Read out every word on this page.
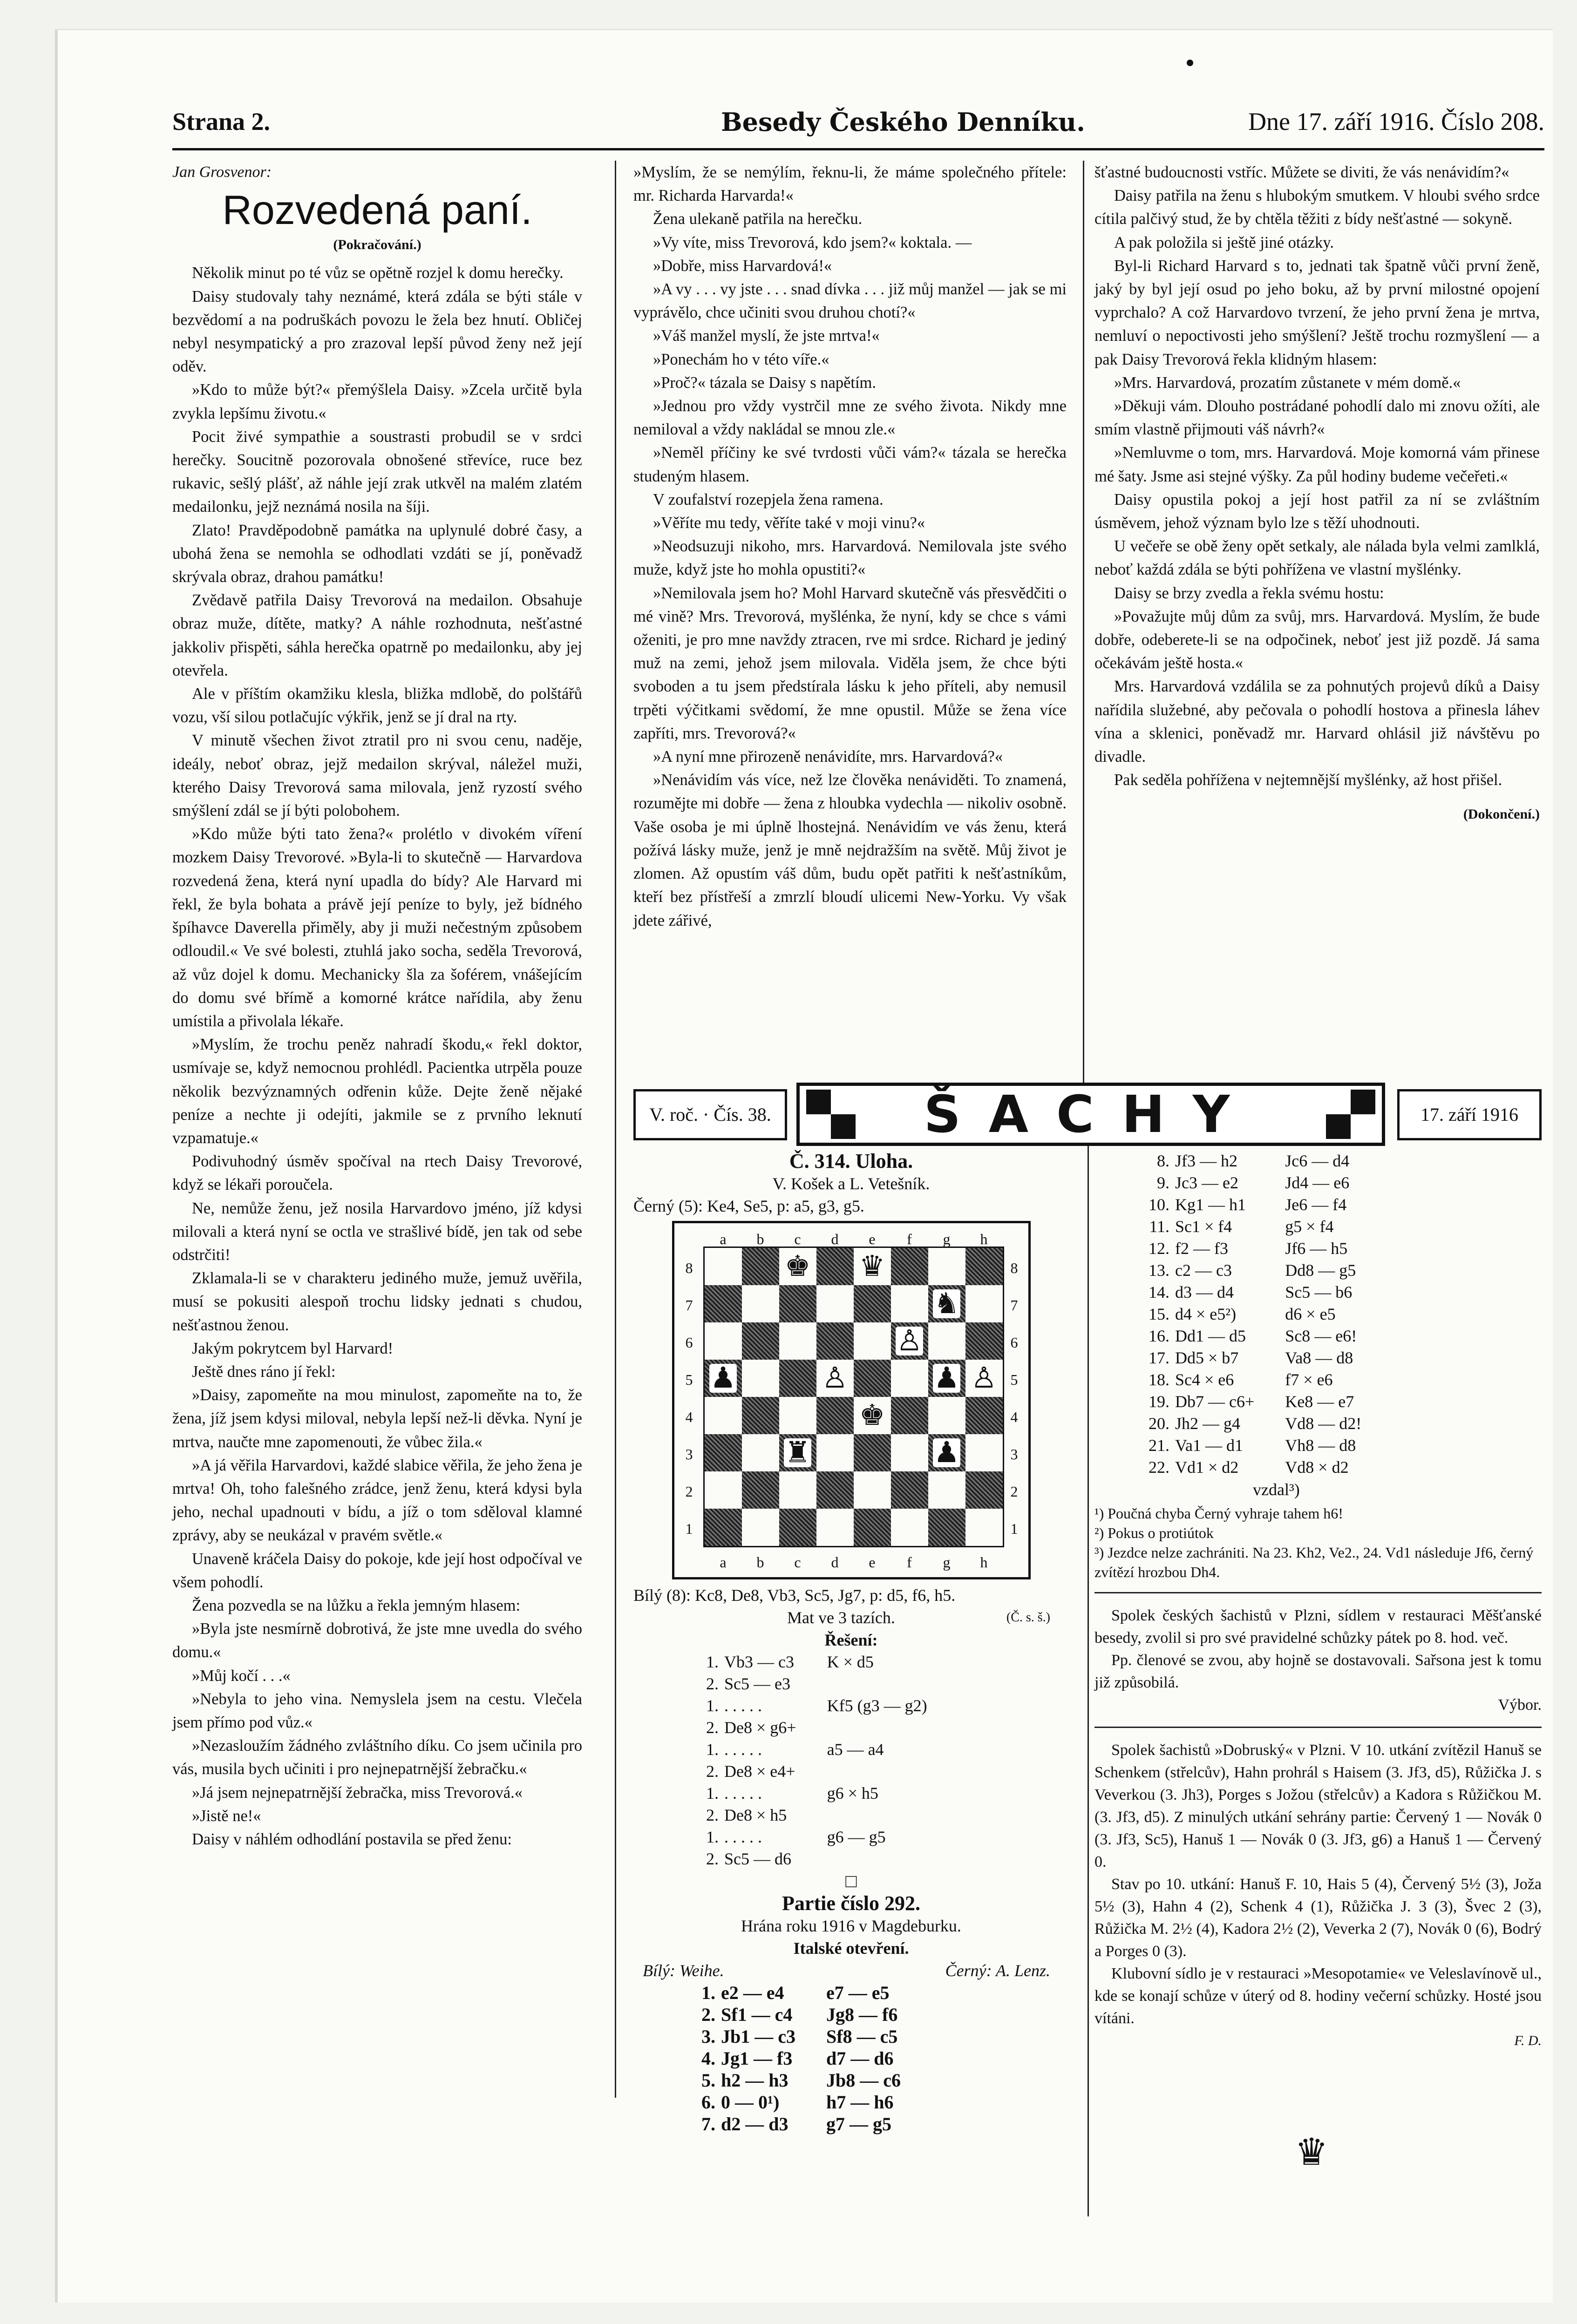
Strana 2.	Besedy Českého Denníku.	Dne 17. září 1916. Číslo 208.
Jan Grosvenor:
Rozvedená paní.
(Pokračování.)

Několik minut po té vůz se opětně rozjel k domu herečky.

Daisy studovaly tahy neznámé, která zdála se býti stále v bezvědomí a na podruškách povozu le žela bez hnutí. Obličej nebyl nesympatický a pro zrazoval lepší původ ženy než její oděv.

»Kdo to může být?« přemýšlela Daisy. »Zcela určitě byla zvykla lepšímu životu.«

Pocit živé sympathie a soustrasti probudil se v srdci herečky. Soucitně pozorovala obnošené střevíce, ruce bez rukavic, sešlý plášť, až náhle její zrak utkvěl na malém zlatém medailonku, jejž neznámá nosila na šíji.

Zlato! Pravděpodobně památka na uplynulé dobré časy, a ubohá žena se nemohla se odhodlati vzdáti se jí, poněvadž skrývala obraz, drahou památku!

Zvědavě patřila Daisy Trevorová na medailon. Obsahuje obraz muže, dítěte, matky? A náhle rozhodnuta, nešťastné jakkoliv přispěti, sáhla herečka opatrně po medailonku, aby jej otevřela.

Ale v příštím okamžiku klesla, bližka mdlobě, do polštářů vozu, vší silou potlačujíc výkřik, jenž se jí dral na rty.

V minutě všechen život ztratil pro ni svou cenu, naděje, ideály, neboť obraz, jejž medailon skrýval, náležel muži, kterého Daisy Trevorová sama milovala, jenž ryzostí svého smýšlení zdál se jí býti polobohem.

»Kdo může býti tato žena?« prolétlo v divokém víření mozkem Daisy Trevorové. »Byla-li to skutečně — Harvardova rozvedená žena, která nyní upadla do bídy? Ale Harvard mi řekl, že byla bohata a právě její peníze to byly, jež bídného špíhavce Daverella přiměly, aby ji muži nečestným způsobem odloudil.« Ve své bolesti, ztuhlá jako socha, seděla Trevorová, až vůz dojel k domu. Mechanicky šla za šoférem, vnášejícím do domu své břímě a komorné krátce nařídila, aby ženu umístila a přivolala lékaře.

»Myslím, že trochu peněz nahradí škodu,« řekl doktor, usmívaje se, když nemocnou prohlédl. Pacientka utrpěla pouze několik bezvýznamných odřenin kůže. Dejte ženě nějaké peníze a nechte ji odejíti, jakmile se z prvního leknutí vzpamatuje.«

Podivuhodný úsměv spočíval na rtech Daisy Trevorové, když se lékaři poroučela.

Ne, nemůže ženu, jež nosila Harvardovo jméno, jíž kdysi milovali a která nyní se octla ve strašlivé bídě, jen tak od sebe odstrčiti!

Zklamala-li se v charakteru jediného muže, jemuž uvěřila, musí se pokusiti alespoň trochu lidsky jednati s chudou, nešťastnou ženou.

Jakým pokrytcem byl Harvard!

Ještě dnes ráno jí řekl:

»Daisy, zapomeňte na mou minulost, zapomeňte na to, že žena, jíž jsem kdysi miloval, nebyla lepší než-li děvka. Nyní je mrtva, naučte mne zapomenouti, že vůbec žila.«

»A já věřila Harvardovi, každé slabice věřila, že jeho žena je mrtva! Oh, toho falešného zrádce, jenž ženu, která kdysi byla jeho, nechal upadnouti v bídu, a jíž o tom sděloval klamné zprávy, aby se neukázal v pravém světle.«

Unaveně kráčela Daisy do pokoje, kde její host odpočíval ve všem pohodlí.

Žena pozvedla se na lůžku a řekla jemným hlasem:

»Byla jste nesmírně dobrotivá, že jste mne uvedla do svého domu.«

»Můj kočí . . .«

»Nebyla to jeho vina. Nemyslela jsem na cestu. Vlečela jsem přímo pod vůz.«

»Nezasloužím žádného zvláštního díku. Co jsem učinila pro vás, musila bych učiniti i pro nejnepatrnější žebračku.«

»Já jsem nejnepatrnější žebračka, miss Trevorová.«

»Jistě ne!«

Daisy v náhlém odhodlání postavila se před ženu:

»Myslím, že se nemýlím, řeknu-li, že máme společného přítele: mr. Richarda Harvarda!«

Žena ulekaně patřila na herečku.

»Vy víte, miss Trevorová, kdo jsem?« koktala. —

»Dobře, miss Harvardová!«

»A vy . . . vy jste . . . snad dívka . . . již můj manžel — jak se mi vyprávělo, chce učiniti svou druhou chotí?«

»Váš manžel myslí, že jste mrtva!«

»Ponechám ho v této víře.«

»Proč?« tázala se Daisy s napětím.

»Jednou pro vždy vystrčil mne ze svého života. Nikdy mne nemiloval a vždy nakládal se mnou zle.«

»Neměl příčiny ke své tvrdosti vůči vám?« tázala se herečka studeným hlasem.

V zoufalství rozepjela žena ramena.

»Věříte mu tedy, věříte také v moji vinu?«

»Neodsuzuji nikoho, mrs. Harvardová. Nemilovala jste svého muže, když jste ho mohla opustiti?«

»Nemilovala jsem ho? Mohl Harvard skutečně vás přesvědčiti o mé vině? Mrs. Trevorová, myšlénka, že nyní, kdy se chce s vámi oženiti, je pro mne navždy ztracen, rve mi srdce. Richard je jediný muž na zemi, jehož jsem milovala. Viděla jsem, že chce býti svoboden a tu jsem předstírala lásku k jeho příteli, aby nemusil trpěti výčitkami svědomí, že mne opustil. Může se žena více zapříti, mrs. Trevorová?«

»A nyní mne přirozeně nenávidíte, mrs. Harvardová?«

»Nenávidím vás více, než lze člověka nenáviděti. To znamená, rozumějte mi dobře — žena z hloubka vydechla — nikoliv osobně. Vaše osoba je mi úplně lhostejná. Nenávidím ve vás ženu, která požívá lásky muže, jenž je mně nejdražším na světě. Můj život je zlomen. Až opustím váš dům, budu opět patřiti k nešťastníkům, kteří bez přístřeší a zmrzlí bloudí ulicemi New-Yorku. Vy však jdete zářivé,

šťastné budoucnosti vstříc. Můžete se diviti, že vás nenávidím?«

Daisy patřila na ženu s hlubokým smutkem. V hloubi svého srdce cítila palčivý stud, že by chtěla těžiti z bídy nešťastné — sokyně.

A pak položila si ještě jiné otázky.

Byl-li Richard Harvard s to, jednati tak špatně vůči první ženě, jaký by byl její osud po jeho boku, až by první milostné opojení vyprchalo? A což Harvardovo tvrzení, že jeho první žena je mrtva, nemluví o nepoctivosti jeho smýšlení? Ještě trochu rozmyšlení — a pak Daisy Trevorová řekla klidným hlasem:

»Mrs. Harvardová, prozatím zůstanete v mém domě.«

»Děkuji vám. Dlouho postrádané pohodlí dalo mi znovu ožíti, ale smím vlastně přijmouti váš návrh?«

»Nemluvme o tom, mrs. Harvardová. Moje komorná vám přinese mé šaty. Jsme asi stejné výšky. Za půl hodiny budeme večeřeti.«

Daisy opustila pokoj a její host patřil za ní se zvláštním úsměvem, jehož význam bylo lze s těží uhodnouti.

U večeře se obě ženy opět setkaly, ale nálada byla velmi zamlklá, neboť každá zdála se býti pohřížena ve vlastní myšlénky.

Daisy se brzy zvedla a řekla svému hostu:

»Považujte můj dům za svůj, mrs. Harvardová. Myslím, že bude dobře, odeberete-li se na odpočinek, neboť jest již pozdě. Já sama očekávám ještě hosta.«

Mrs. Harvardová vzdálila se za pohnutých projevů díků a Daisy nařídila služebné, aby pečovala o pohodlí hostova a přinesla láhev vína a sklenici, poněvadž mr. Harvard ohlásil již návštěvu po divadle.

Pak seděla pohřížena v nejtemnější myšlénky, až host přišel.

(Dokončení.)
V. roč. · Čís. 38.	ŠACHY	17. září 1916
Č. 314. Uloha.
V. Košek a L. Vetešník.
Černý (5): Ke4, Se5, p: a5, g3, g5.
♚ ♛
♞
♙
♟	♙	♟ ♙
♚
♜	♟
a
a
b
b
c
c
d
d
e
e
f
f
g
g
h
h
8	8
7	7
6	6
5	5
4	4
3	3
2	2
1	1
Bílý (8): Kc8, De8, Vb3, Sc5, Jg7, p: d5, f6, h5.
Mat ve 3 tazích.	(Č. s. š.)
Řešení:
1.	Vb3 — c3	K × d5
2.	Sc5 — e3	
1.	. . . . .	Kf5 (g3 — g2)
2.	De8 × g6+	
1.	. . . . .	a5 — a4
2.	De8 × e4+	
1.	. . . . .	g6 × h5
2.	De8 × h5	
1.	. . . . .	g6 — g5
2.	Sc5 — d6	
□
Partie číslo 292.
Hrána roku 1916 v Magdeburku.
Italské otevření.
Bílý: Weihe.	Černý: A. Lenz.
1.	e2 — e4	e7 — e5
2.	Sf1 — c4	Jg8 — f6
3.	Jb1 — c3	Sf8 — c5
4.	Jg1 — f3	d7 — d6
5.	h2 — h3	Jb8 — c6
6.	0 — 0¹)	h7 — h6
7.	d2 — d3	g7 — g5
8.	Jf3 — h2	Jc6 — d4
9.	Jc3 — e2	Jd4 — e6
10.	Kg1 — h1	Je6 — f4
11.	Sc1 × f4	g5 × f4
12.	f2 — f3	Jf6 — h5
13.	c2 — c3	Dd8 — g5
14.	d3 — d4	Sc5 — b6
15.	d4 × e5²)	d6 × e5
16.	Dd1 — d5	Sc8 — e6!
17.	Dd5 × b7	Va8 — d8
18.	Sc4 × e6	f7 × e6
19.	Db7 — c6+	Ke8 — e7
20.	Jh2 — g4	Vd8 — d2!
21.	Va1 — d1	Vh8 — d8
22.	Vd1 × d2	Vd8 × d2
vzdal³)
¹) Poučná chyba Černý vyhraje tahem h6!
²) Pokus o protiútok
³) Jezdce nelze zachrániti. Na 23. Kh2, Ve2., 24. Vd1 následuje Jf6, černý zvítězí hrozbou Dh4.

Spolek českých šachistů v Plzni, sídlem v restauraci Měšťanské besedy, zvolil si pro své pravidelné schůzky pátek po 8. hod. več.

Pp. členové se zvou, aby hojně se dostavovali. Sařsona jest k tomu již způsobilá.

Výbor.

Spolek šachistů »Dobruský« v Plzni. V 10. utkání zvítězil Hanuš se Schenkem (střelcův), Hahn prohrál s Haisem (3. Jf3, d5), Růžička J. s Veverkou (3. Jh3), Porges s Jožou (střelcův) a Kadora s Růžičkou M. (3. Jf3, d5). Z minulých utkání sehrány partie: Červený 1 — Novák 0 (3. Jf3, Sc5), Hanuš 1 — Novák 0 (3. Jf3, g6) a Hanuš 1 — Červený 0.

Stav po 10. utkání: Hanuš F. 10, Hais 5 (4), Červený 5½ (3), Joža 5½ (3), Hahn 4 (2), Schenk 4 (1), Růžička J. 3 (3), Švec 2 (3), Růžička M. 2½ (4), Kadora 2½ (2), Veverka 2 (7), Novák 0 (6), Bodrý a Porges 0 (3).

Klubovní sídlo je v restauraci »Mesopotamie« ve Veleslavínově ul., kde se konají schůze v úterý od 8. hodiny večerní schůzky. Hosté jsou vítáni.

F. D.
♛
